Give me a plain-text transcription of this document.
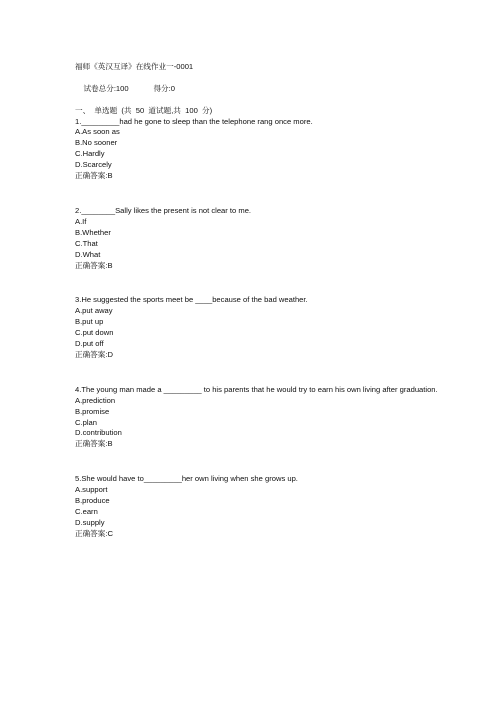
福师《英汉互译》在线作业一-0001

试卷总分:100	得分:0

一、  单选题  (共  50  道试题,共  100  分)
1._________had he gone to sleep than the telephone rang once more.
A.As soon as
B.No sooner
C.Hardly
D.Scarcely
正确答案:B
2.________Sally likes the present is not clear to me.
A.If
B.Whether
C.That
D.What
正确答案:B
3.He suggested the sports meet be ____because of the bad weather.
A.put away
B.put up
C.put down
D.put off
正确答案:D
4.The young man made a _________ to his parents that he would try to earn his own living after graduation.
A.prediction
B.promise
C.plan
D.contribution
正确答案:B
5.She would have to_________her own living when she grows up.
A.support
B.produce
C.earn
D.supply
正确答案:C
